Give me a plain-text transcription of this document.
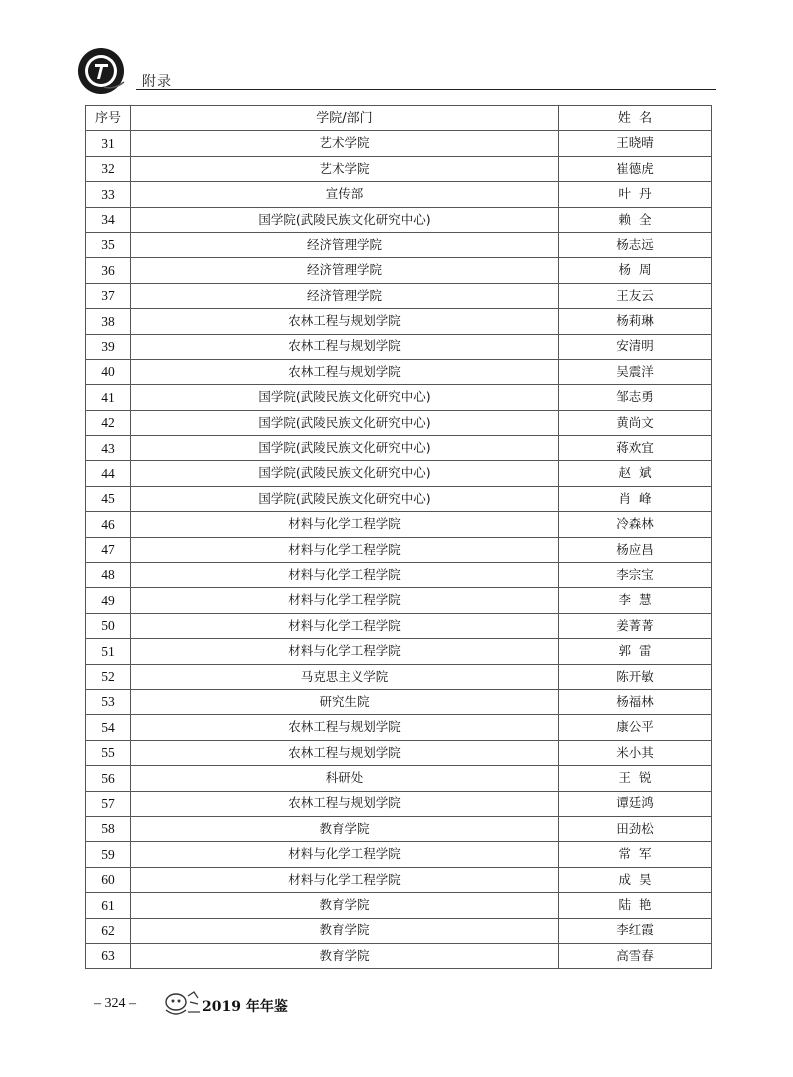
附录
序号	学院/部门	姓  名
31	艺术学院	王晓晴
32	艺术学院	崔德虎
33	宣传部	叶  丹
34	国学院(武陵民族文化研究中心)	赖  全
35	经济管理学院	杨志远
36	经济管理学院	杨  周
37	经济管理学院	王友云
38	农林工程与规划学院	杨莉琳
39	农林工程与规划学院	安清明
40	农林工程与规划学院	吴震洋
41	国学院(武陵民族文化研究中心)	邹志勇
42	国学院(武陵民族文化研究中心)	黄尚文
43	国学院(武陵民族文化研究中心)	蒋欢宜
44	国学院(武陵民族文化研究中心)	赵  斌
45	国学院(武陵民族文化研究中心)	肖  峰
46	材料与化学工程学院	冷森林
47	材料与化学工程学院	杨应昌
48	材料与化学工程学院	李宗宝
49	材料与化学工程学院	李  慧
50	材料与化学工程学院	姜菁菁
51	材料与化学工程学院	郭  雷
52	马克思主义学院	陈开敏
53	研究生院	杨福林
54	农林工程与规划学院	康公平
55	农林工程与规划学院	米小其
56	科研处	王  锐
57	农林工程与规划学院	谭廷鸿
58	教育学院	田劲松
59	材料与化学工程学院	常  军
60	材料与化学工程学院	成  昊
61	教育学院	陆  艳
62	教育学院	李红霞
63	教育学院	高雪春
– 324 –	2019 年年鉴
